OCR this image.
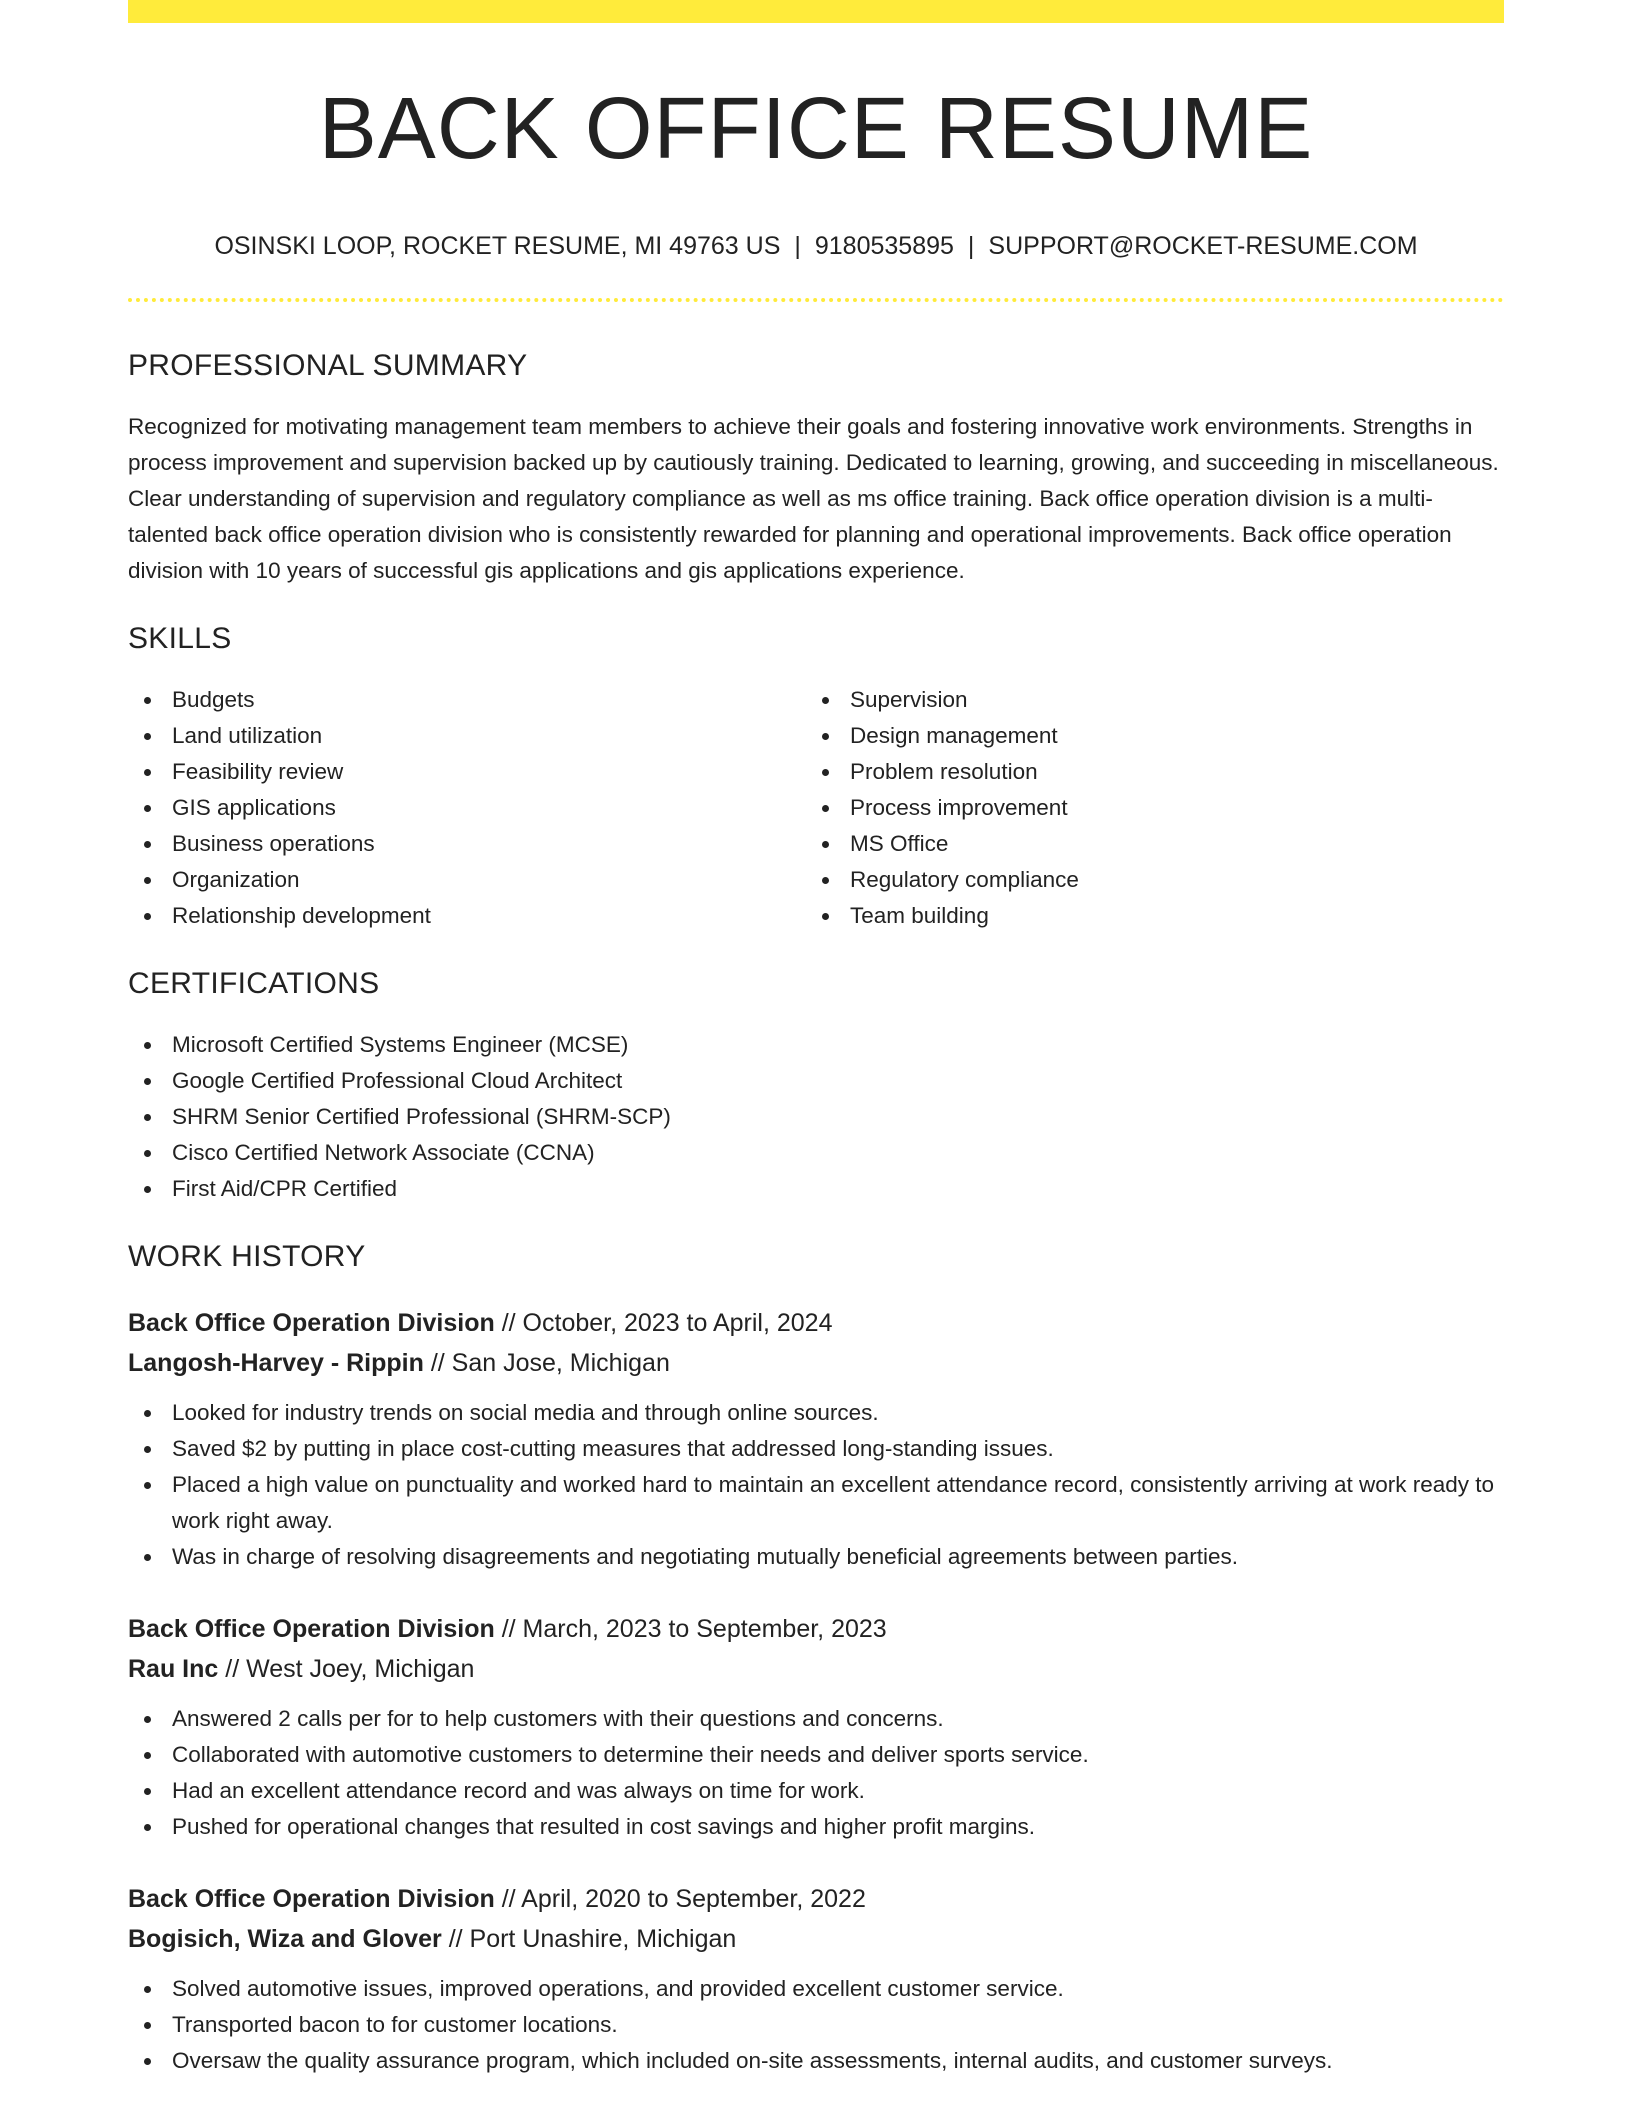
BACK OFFICE RESUME
OSINSKI LOOP, ROCKET RESUME, MI 49763 US | 9180535895 | SUPPORT@ROCKET-RESUME.COM
PROFESSIONAL SUMMARY
Recognized for motivating management team members to achieve their goals and fostering innovative work environments. Strengths in process improvement and supervision backed up by cautiously training. Dedicated to learning, growing, and succeeding in miscellaneous. Clear understanding of supervision and regulatory compliance as well as ms office training. Back office operation division is a multi-talented back office operation division who is consistently rewarded for planning and operational improvements. Back office operation division with 10 years of successful gis applications and gis applications experience.
SKILLS
Budgets
Land utilization
Feasibility review
GIS applications
Business operations
Organization
Relationship development
Supervision
Design management
Problem resolution
Process improvement
MS Office
Regulatory compliance
Team building
CERTIFICATIONS
Microsoft Certified Systems Engineer (MCSE)
Google Certified Professional Cloud Architect
SHRM Senior Certified Professional (SHRM-SCP)
Cisco Certified Network Associate (CCNA)
First Aid/CPR Certified
WORK HISTORY
Back Office Operation Division // October, 2023 to April, 2024
Langosh-Harvey - Rippin // San Jose, Michigan
Looked for industry trends on social media and through online sources.
Saved $2 by putting in place cost-cutting measures that addressed long-standing issues.
Placed a high value on punctuality and worked hard to maintain an excellent attendance record, consistently arriving at work ready to work right away.
Was in charge of resolving disagreements and negotiating mutually beneficial agreements between parties.
Back Office Operation Division // March, 2023 to September, 2023
Rau Inc // West Joey, Michigan
Answered 2 calls per for to help customers with their questions and concerns.
Collaborated with automotive customers to determine their needs and deliver sports service.
Had an excellent attendance record and was always on time for work.
Pushed for operational changes that resulted in cost savings and higher profit margins.
Back Office Operation Division // April, 2020 to September, 2022
Bogisich, Wiza and Glover // Port Unashire, Michigan
Solved automotive issues, improved operations, and provided excellent customer service.
Transported bacon to for customer locations.
Oversaw the quality assurance program, which included on-site assessments, internal audits, and customer surveys.
